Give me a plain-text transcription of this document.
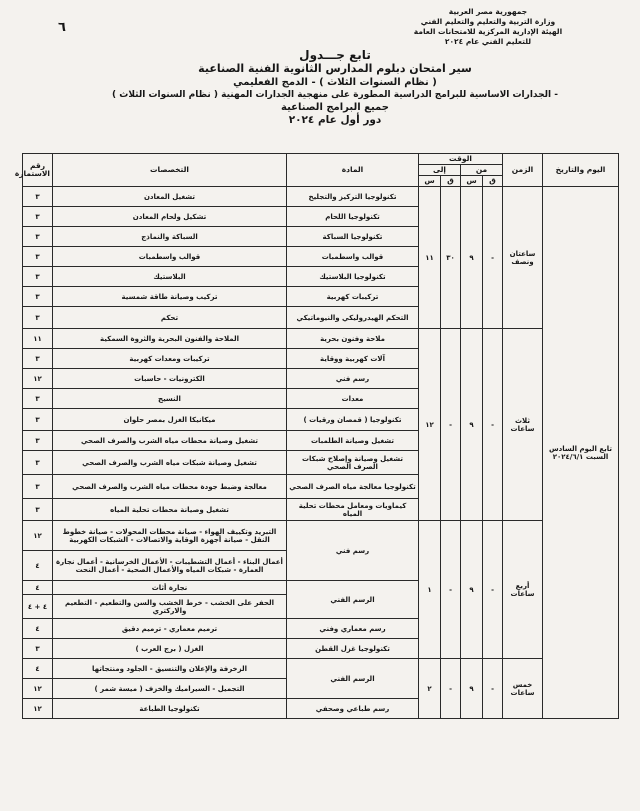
٦
جمهورية مصر العربية
وزارة التربية والتعليم والتعليم الفني
الهيئة الإدارية المركزية للامتحانات العامة
للتعليم الفني عام ٢٠٢٤
تابع جـــدول
سير امتحان دبلوم المدارس الثانوية الفنية الصناعية
( نظام السنوات الثلاث ) - الدمج الفعليمي
- الجدارات الاساسية للبرامج الدراسية المطورة على منهجية الجدارات المهنية ( نظام السنوات الثلاث )
جميع البرامج الصناعية
دور أول عام ٢٠٢٤
اليوم والتاريخ	الزمن	الوقت				المادة	التخصصات	رقم الاستمارة
		من		إلى				
		ق	س	ق	س			
تابع اليوم السادس السبت ٢٠٢٤/٦/١	ساعتان ونصف	-	٩	٣٠	١١	تكنولوجيا التركيز والتجليخ	تشغيل المعادن	٣
						تكنولوجيا اللحام	تشكيل ولحام المعادن	٣
						تكنولوجيا السباكة	السباكة والنماذج	٣
						قوالب واسطمبات	قوالب واسطمبات	٣
						تكنولوجيا البلاستيك	البلاستيك	٣
						تركيبات كهربية	تركيب وصيانة طاقة شمسية	٣
						التحكم الهيدروليكي والنيوماتيكي	تحكم	٣
	ثلاث ساعات	-	٩	-	١٢	ملاحة وفنون بحرية	الملاحة والفنون البحرية والثروة السمكية	١١
						آلات كهربية ووقاية	تركيبات ومعدات كهربية	٣
						رسم فني	الكترونيات - حاسبات	١٢
						معدات	النسيج	٣
						تكنولوجيا ( قمصان ورقيات )	ميكانيكا الغزل بمصر حلوان	٣
						تشغيل وصيانة الطلمبات	تشغيل وصيانة محطات مياه الشرب والصرف الصحي	٣
						تشغيل وصيانة وإصلاح شبكات الصرف الصحي	تشغيل وصيانة شبكات مياه الشرب والصرف الصحي	٣
						تكنولوجيا معالجة مياه الصرف الصحي	معالجة وضبط جودة محطات مياه الشرب والصرف الصحي	٣
						كيماويات ومعامل محطات تحلية المياه	تشغيل وصيانة محطات تحلية المياه	٣
	أربع ساعات	-	٩	-	١	رسم فني	التبريد وتكييف الهواء - صيانة محطات المحولات - صيانة خطوط النقل - صيانة أجهزة الوقاية والاتصالات - الشبكات الكهربية	١٢
							أعمال البناء - أعمال التشطيبات - الأعمال الخرسانية - أعمال نجارة العمارة - شبكات المياه والأعمال الصحية - أعمال النحت	٤
						الرسم الفني	نجارة أثاث	٤
							الحفر على الخشب - خرط الخشب والسن والتطعيم - التطعيم والاركتري	٤ + ٤
						رسم معماري وفني	ترميم معماري - ترميم دقيق	٤
						تكنولوجيا غزل القطن	الغزل ( برج العرب )	٣
	خمس ساعات	-	٩	-	٢	الرسم الفني	الزخرفة والإعلان والتنسيق - الجلود ومنتجاتها	٤
							التجميل - السيراميك والخزف ( ميسة شمر )	١٢
						رسم طباعي وصحفي	تكنولوجيا الطباعة	١٢
